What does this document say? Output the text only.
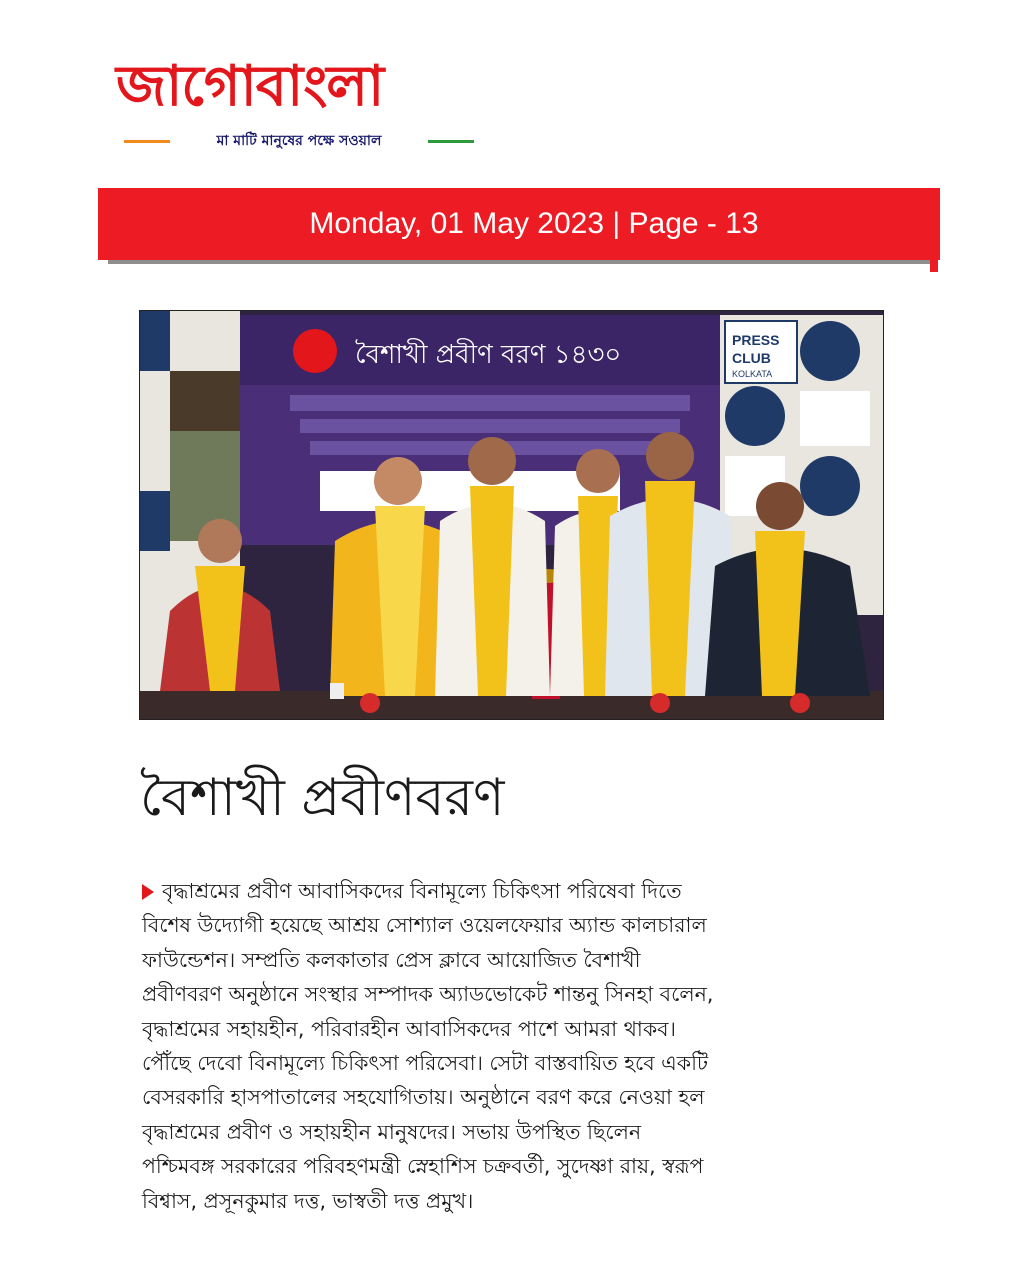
জাগোবাংলা
মা মাটি মানুষের পক্ষে সওয়াল
Monday, 01 May 2023 | Page - 13
বৈশাখী প্রবীণ বরণ ১৪৩০	PRESS
CLUB
KOLKATA
বৈশাখী প্রবীণবরণ
বৃদ্ধাশ্রমের প্রবীণ আবাসিকদের বিনামূল্যে চিকিৎসা পরিষেবা দিতে
বিশেষ উদ্যোগী হয়েছে আশ্রয় সোশ্যাল ওয়েলফেয়ার অ্যান্ড কালচারাল
ফাউন্ডেশন। সম্প্রতি কলকাতার প্রেস ক্লাবে আয়োজিত বৈশাখী
প্রবীণবরণ অনুষ্ঠানে সংস্থার সম্পাদক অ্যাডভোকেট শান্তনু সিনহা বলেন,
বৃদ্ধাশ্রমের সহায়হীন, পরিবারহীন আবাসিকদের পাশে আমরা থাকব।
পৌঁছে দেবো বিনামূল্যে চিকিৎসা পরিসেবা। সেটা বাস্তবায়িত হবে একটি
বেসরকারি হাসপাতালের সহযোগিতায়। অনুষ্ঠানে বরণ করে নেওয়া হল
বৃদ্ধাশ্রমের প্রবীণ ও সহায়হীন মানুষদের। সভায় উপস্থিত ছিলেন
পশ্চিমবঙ্গ সরকারের পরিবহণমন্ত্রী স্নেহাশিস চক্রবর্তী, সুদেষ্ণা রায়, স্বরূপ
বিশ্বাস, প্রসূনকুমার দত্ত, ভাস্বতী দত্ত প্রমুখ।
